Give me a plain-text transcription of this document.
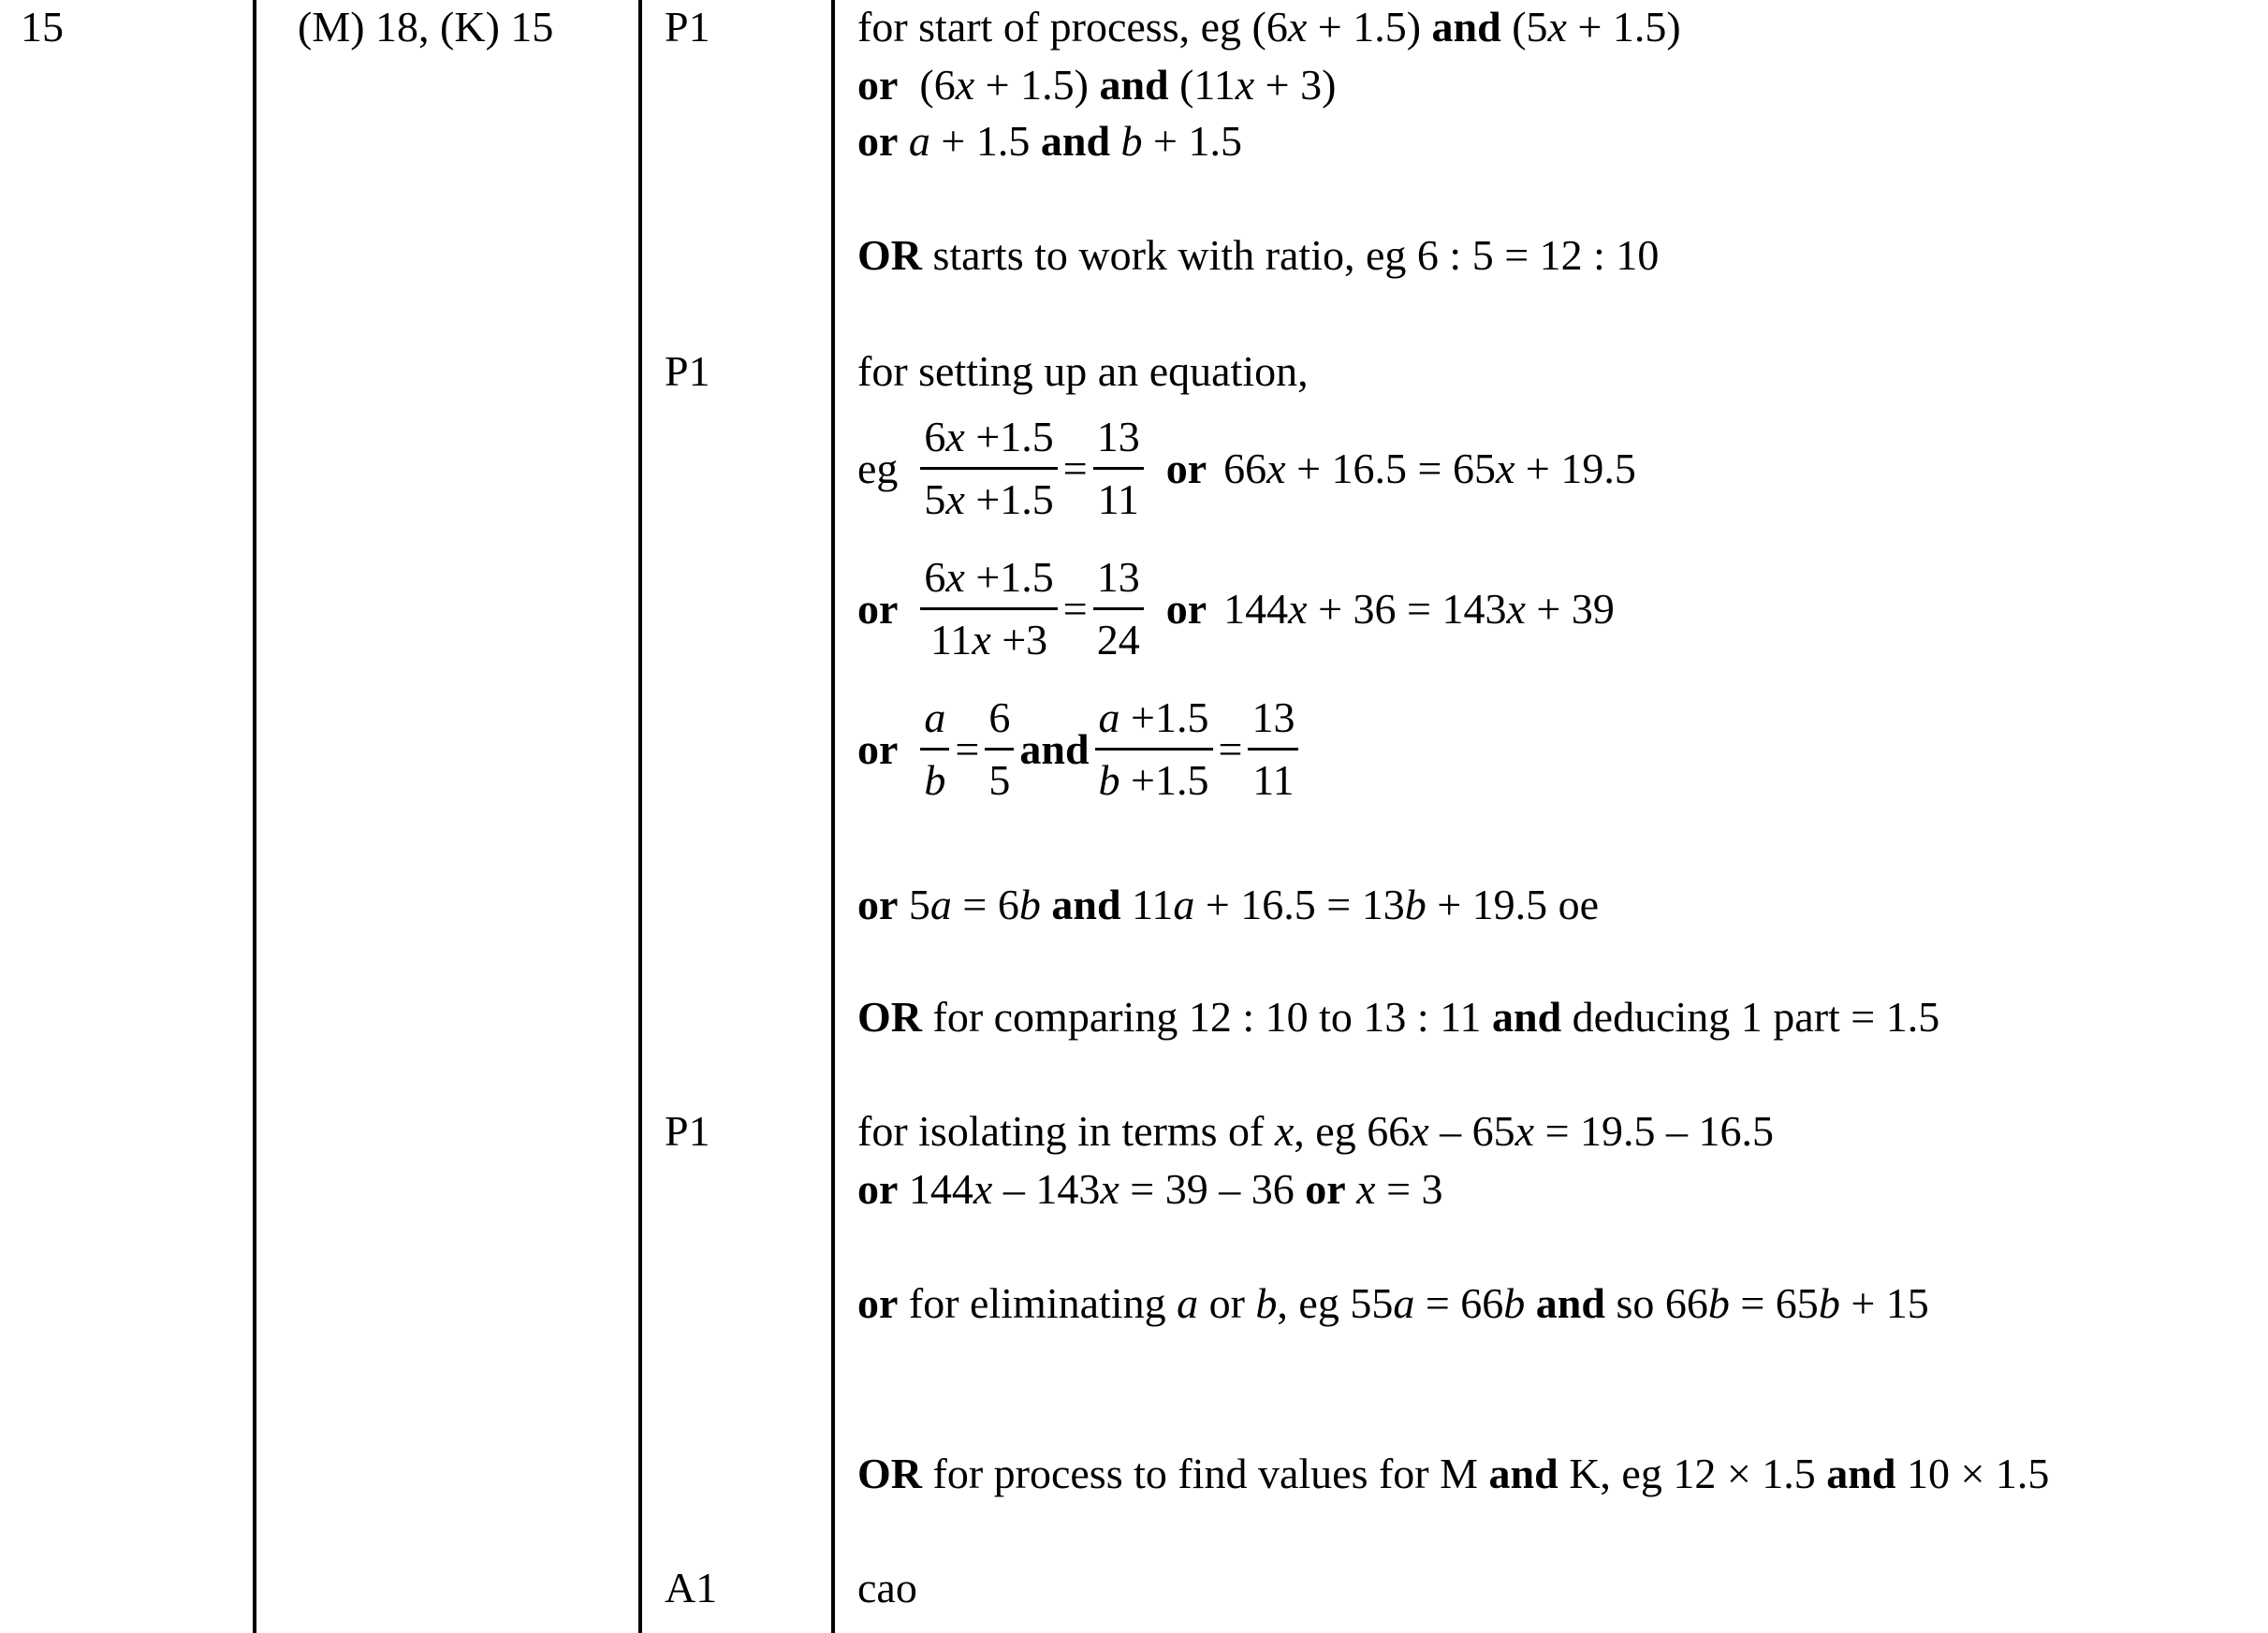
15	(M) 18, (K) 15	P1
P1
P1
A1
for start of process, eg (6x + 1.5) and (5x + 1.5)
or  (6x + 1.5) and (11x + 3)
or a + 1.5 and b + 1.5
OR starts to work with ratio, eg 6 : 5 = 12 : 10
for setting up an equation,
eg $\frac{6x +1.5}{5x +1.5} = \frac{13}{11}$ or 66x + 16.5 = 65x + 19.5
or $\frac{6x +1.5}{11x +3} = \frac{13}{24}$ or 144x + 36 = 143x + 39
or $\frac{a}{b} = \frac{6}{5}$ and $\frac{a +1.5}{b +1.5} = \frac{13}{11}$
or 5a = 6b and 11a + 16.5 = 13b + 19.5 oe
OR for comparing 12 : 10 to 13 : 11 and deducing 1 part = 1.5
for isolating in terms of x, eg 66x – 65x = 19.5 – 16.5
or 144x – 143x = 39 – 36 or x = 3
or for eliminating a or b, eg 55a = 66b and so 66b = 65b + 15
OR for process to find values for M and K, eg 12 × 1.5 and 10 × 1.5
cao
